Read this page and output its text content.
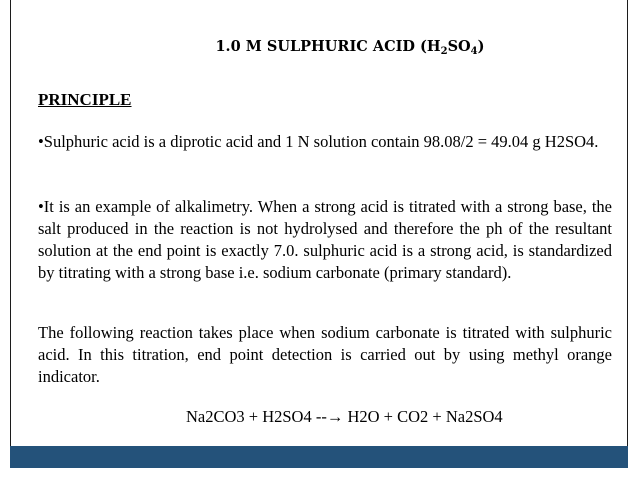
1.0 M SULPHURIC ACID $(H_2SO_4)$
PRINCIPLE
•Sulphuric acid is a diprotic acid and 1 N solution contain 98.08/2 = 49.04 g H2SO4.
•It is an example of alkalimetry. When a strong acid is titrated with a strong base, the salt produced in the reaction is not hydrolysed and therefore the ph of the resultant solution at the end point is exactly 7.0. sulphuric acid is a strong acid, is standardized by titrating with a strong base i.e. sodium carbonate (primary standard).
The following reaction takes place when sodium carbonate is titrated with sulphuric acid. In this titration, end point detection is carried out by using methyl orange indicator.
Na2CO3 + H2SO4 --→ H2O + CO2 + Na2SO4
